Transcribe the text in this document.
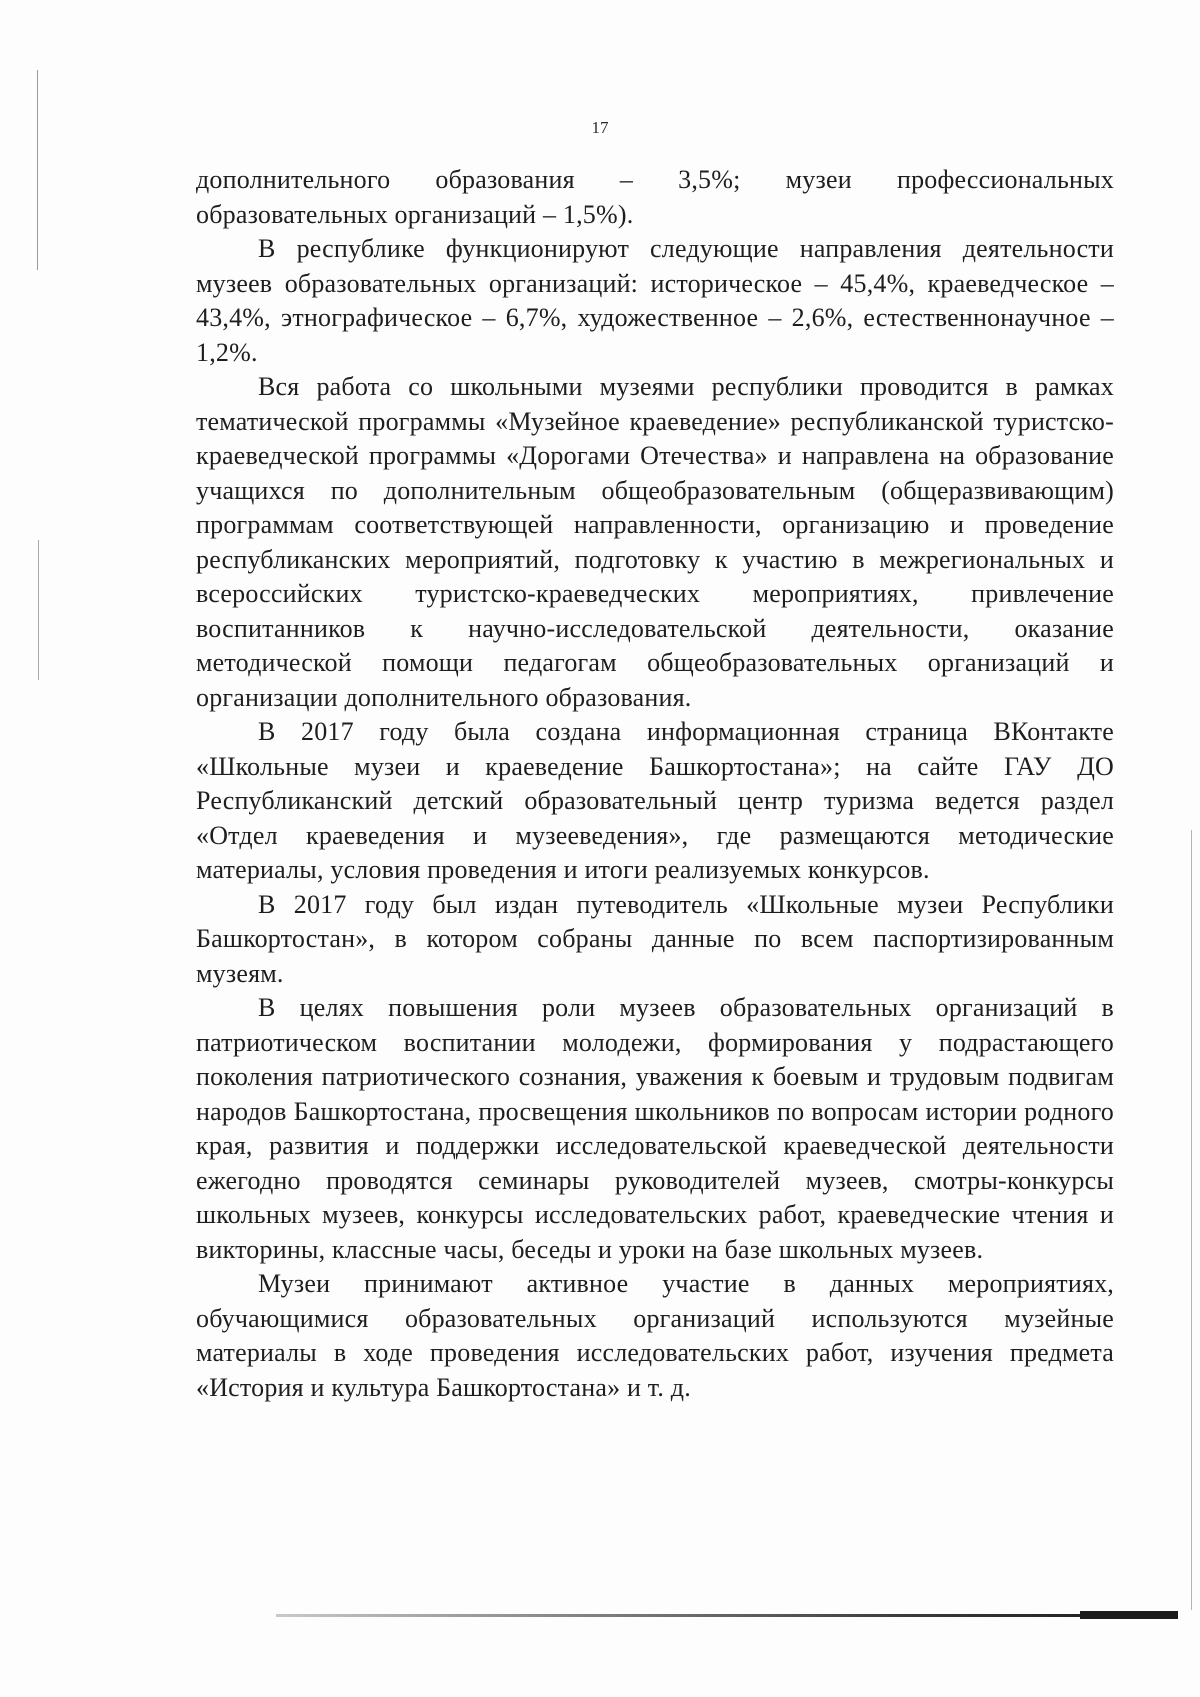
17

дополнительного образования – 3,5%; музеи профессиональных образовательных организаций – 1,5%).

В республике функционируют следующие направления деятельности музеев образовательных организаций: историческое – 45,4%, краеведческое – 43,4%, этнографическое – 6,7%, художественное – 2,6%, естественнонаучное – 1,2%.

Вся работа со школьными музеями республики проводится в рамках тематической программы «Музейное краеведение» республиканской туристско-краеведческой программы «Дорогами Отечества» и направлена на образование учащихся по дополнительным общеобразовательным (общеразвивающим) программам соответствующей направленности, организацию и проведение республиканских мероприятий, подготовку к участию в межрегиональных и всероссийских туристско-краеведческих мероприятиях, привлечение воспитанников к научно-исследовательской деятельности, оказание методической помощи педагогам общеобразовательных организаций и организации дополнительного образования.

В 2017 году была создана информационная страница ВКонтакте «Школьные музеи и краеведение Башкортостана»; на сайте ГАУ ДО Республиканский детский образовательный центр туризма ведется раздел «Отдел краеведения и музееведения», где размещаются методические материалы, условия проведения и итоги реализуемых конкурсов.

В 2017 году был издан путеводитель «Школьные музеи Республики Башкортостан», в котором собраны данные по всем паспортизированным музеям.

В целях повышения роли музеев образовательных организаций в патриотическом воспитании молодежи, формирования у подрастающего поколения патриотического сознания, уважения к боевым и трудовым подвигам народов Башкортостана, просвещения школьников по вопросам истории родного края, развития и поддержки исследовательской краеведческой деятельности ежегодно проводятся семинары руководителей музеев, смотры-конкурсы школьных музеев, конкурсы исследовательских работ, краеведческие чтения и викторины, классные часы, беседы и уроки на базе школьных музеев.

Музеи принимают активное участие в данных мероприятиях, обучающимися образовательных организаций используются музейные материалы в ходе проведения исследовательских работ, изучения предмета «История и культура Башкортостана» и т. д.
